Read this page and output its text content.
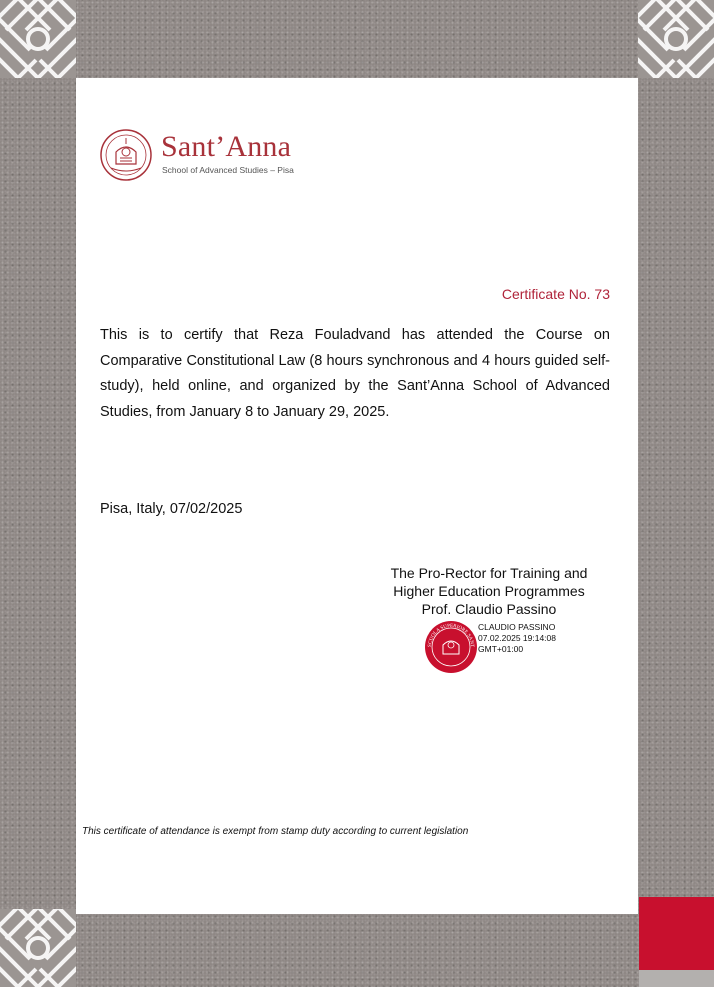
Sant’Anna
School of Advanced Studies – Pisa
Certificate No. 73
This is to certify that Reza Fouladvand has attended the Course on Comparative Constitutional Law (8 hours synchronous and 4 hours guided self-study), held online, and organized by the Sant’Anna School of Advanced Studies, from January 8 to January 29, 2025.
Pisa, Italy, 07/02/2025
The Pro-Rector for Training and
Higher Education Programmes
Prof. Claudio Passino
SCUOLA SUPERIORE SANT
CLAUDIO PASSINO
07.02.2025 19:14:08
GMT+01:00
This certificate of attendance is exempt from stamp duty according to current legislation
